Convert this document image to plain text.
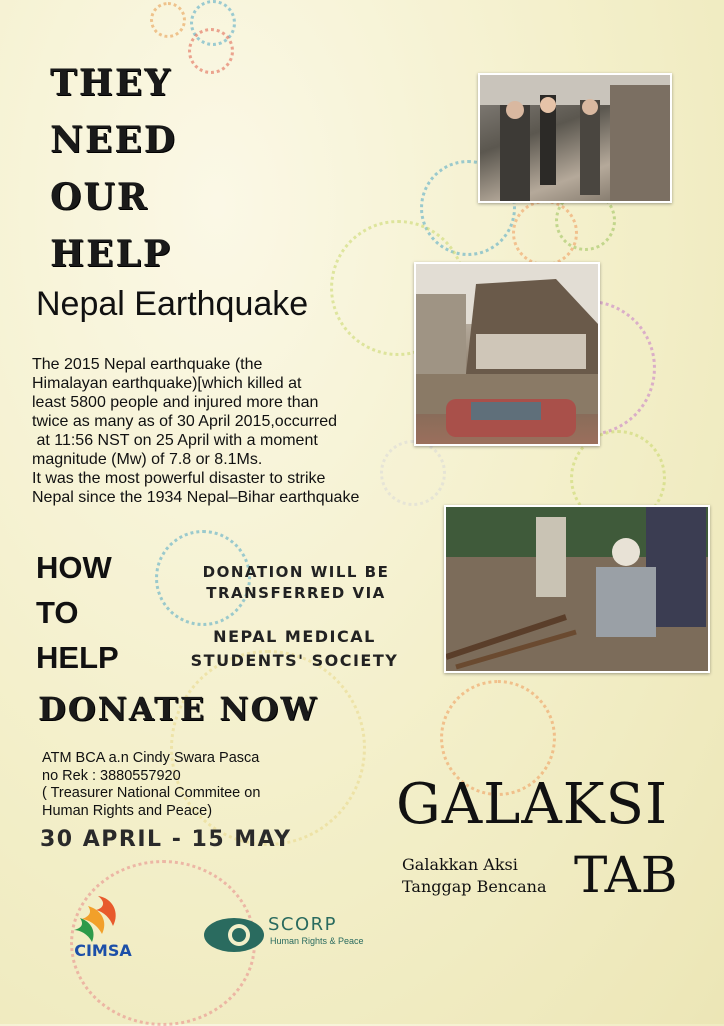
THEY
NEED
OUR
HELP
Nepal Earthquake
The 2015 Nepal earthquake (the
Himalayan earthquake)[which killed at
least 5800 people and injured more than
twice as many as of 30 April 2015,occurred
at 11:56 NST on 25 April with a moment
magnitude (Mw) of 7.8 or 8.1Ms.
It was the most powerful disaster to strike
Nepal since the 1934 Nepal–Bihar earthquake
HOW
TO
HELP
DONATION WILL BE
TRANSFERRED VIA
NEPAL MEDICAL
STUDENTS' SOCIETY
DONATE NOW
ATM BCA a.n Cindy Swara Pasca
no Rek : 3880557920
( Treasurer National Commitee on
Human Rights and Peace)
30 APRIL - 15 MAY
GALAKSI
Galakkan Aksi
Tanggap Bencana TAB
CIMSA
SCORP
Human Rights & Peace
